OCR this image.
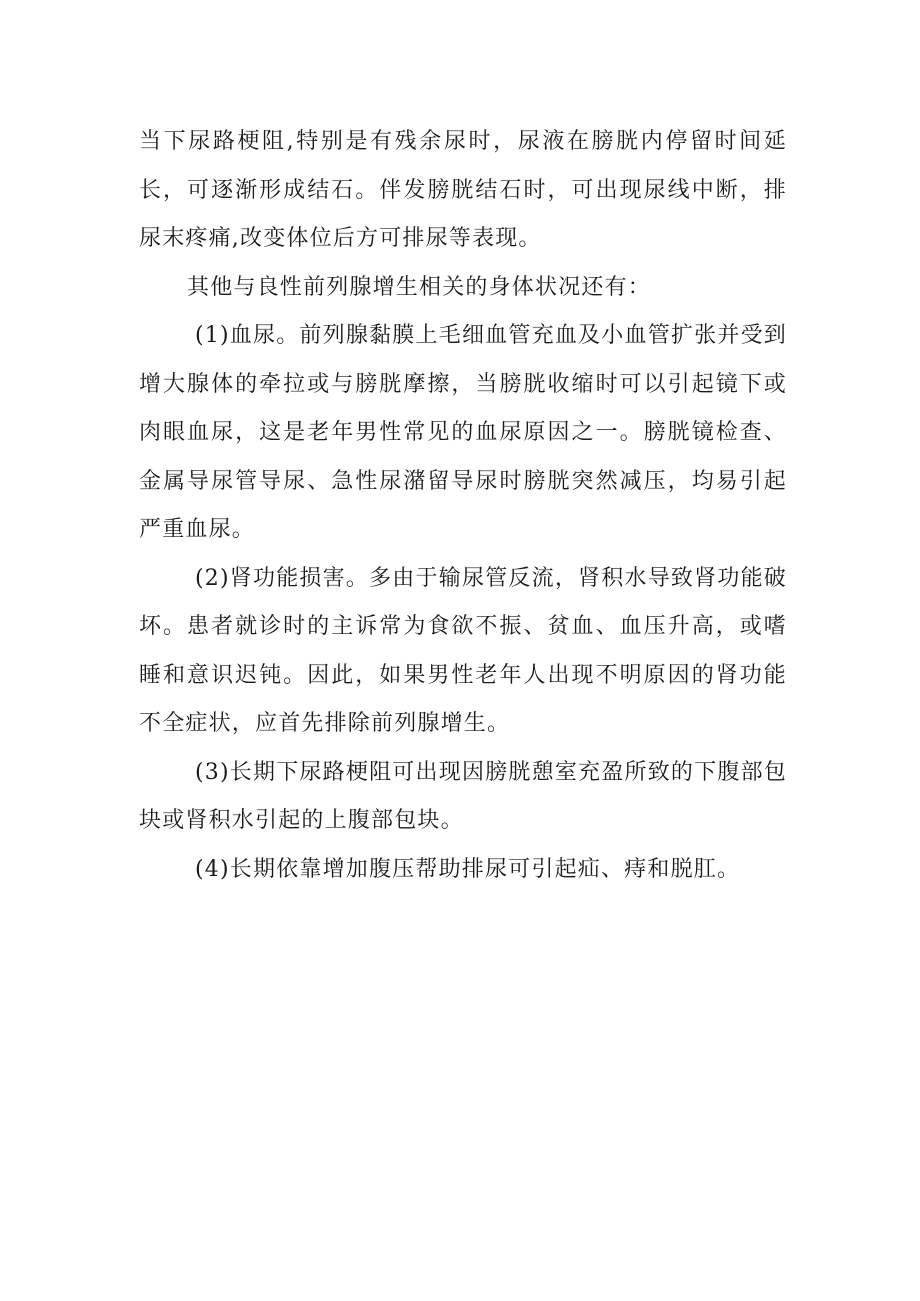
当下尿路梗阻,特别是有残余尿时，尿液在膀胱内停留时间延长，可逐渐形成结石。伴发膀胱结石时，可出现尿线中断，排尿末疼痛,改变体位后方可排尿等表现。

其他与良性前列腺增生相关的身体状况还有：

(1)血尿。前列腺黏膜上毛细血管充血及小血管扩张并受到增大腺体的牵拉或与膀胱摩擦，当膀胱收缩时可以引起镜下或肉眼血尿，这是老年男性常见的血尿原因之一。膀胱镜检查、金属导尿管导尿、急性尿潴留导尿时膀胱突然减压，均易引起严重血尿。

(2)肾功能损害。多由于输尿管反流，肾积水导致肾功能破坏。患者就诊时的主诉常为食欲不振、贫血、血压升高，或嗜睡和意识迟钝。因此，如果男性老年人出现不明原因的肾功能不全症状，应首先排除前列腺增生。

(3)长期下尿路梗阻可出现因膀胱憩室充盈所致的下腹部包块或肾积水引起的上腹部包块。

(4)长期依靠增加腹压帮助排尿可引起疝、痔和脱肛。
